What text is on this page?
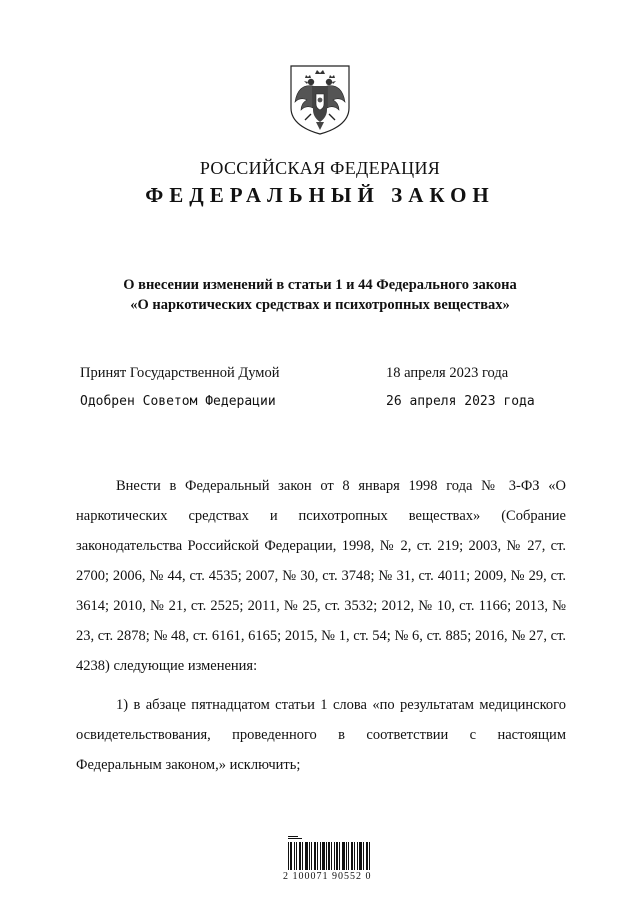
РОССИЙСКАЯ ФЕДЕРАЦИЯ
ФЕДЕРАЛЬНЫЙ ЗАКОН
О внесении изменений в статьи 1 и 44 Федерального закона
«О наркотических средствах и психотропных веществах»
Принят Государственной Думой	18 апреля 2023 года
Одобрен Советом Федерации	26 апреля 2023 года

Внести в Федеральный закон от 8 января 1998 года № 3-ФЗ «О наркотических средствах и психотропных веществах» (Собрание законодательства Российской Федерации, 1998, № 2, ст. 219; 2003, № 27, ст. 2700; 2006, № 44, ст. 4535; 2007, № 30, ст. 3748; № 31, ст. 4011; 2009, № 29, ст. 3614; 2010, № 21, ст. 2525; 2011, № 25, ст. 3532; 2012, № 10, ст. 1166; 2013, № 23, ст. 2878; № 48, ст. 6161, 6165; 2015, № 1, ст. 54; № 6, ст. 885; 2016, № 27, ст. 4238) следующие изменения:

1) в абзаце пятнадцатом статьи 1 слова «по результатам медицинского освидетельствования, проведенного в соответствии с настоящим Федеральным законом,» исключить;

2 100071 90552 0
